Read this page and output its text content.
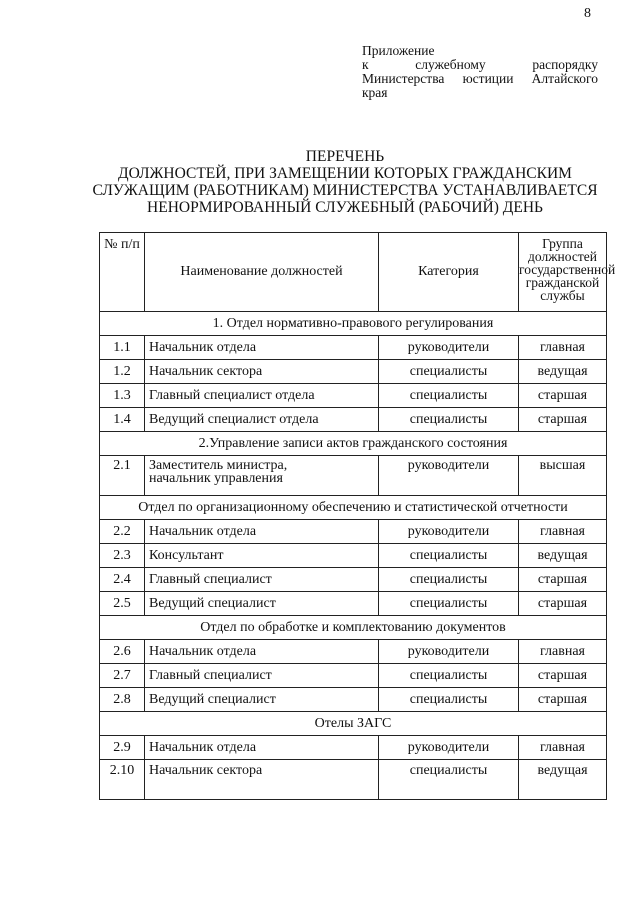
8
Приложение
к служебному распорядку
Министерства юстиции Алтайского
края
ПЕРЕЧЕНЬ
ДОЛЖНОСТЕЙ, ПРИ ЗАМЕЩЕНИИ КОТОРЫХ ГРАЖДАНСКИМ
СЛУЖАЩИМ (РАБОТНИКАМ) МИНИСТЕРСТВА УСТАНАВЛИВАЕТСЯ
НЕНОРМИРОВАННЫЙ СЛУЖЕБНЫЙ (РАБОЧИЙ) ДЕНЬ
№ п/п	Наименование должностей	Категория	Группа
должностей
государственной
гражданской
службы

1. Отдел нормативно-правового регулирования			
1.1	Начальник отдела	руководители	главная
1.2	Начальник сектора	специалисты	ведущая
1.3	Главный специалист отдела	специалисты	старшая
1.4	Ведущий специалист отдела	специалисты	старшая
2.Управление записи актов гражданского состояния			
2.1	Заместитель министра,
начальник управления	руководители	высшая
Отдел по организационному обеспечению и статистической отчетности			
2.2	Начальник отдела	руководители	главная
2.3	Консультант	специалисты	ведущая
2.4	Главный специалист	специалисты	старшая
2.5	Ведущий специалист	специалисты	старшая
Отдел по обработке и комплектованию документов			
2.6	Начальник отдела	руководители	главная
2.7	Главный специалист	специалисты	старшая
2.8	Ведущий специалист	специалисты	старшая
Отелы ЗАГС			
2.9	Начальник отдела	руководители	главная
2.10	Начальник сектора	специалисты	ведущая
